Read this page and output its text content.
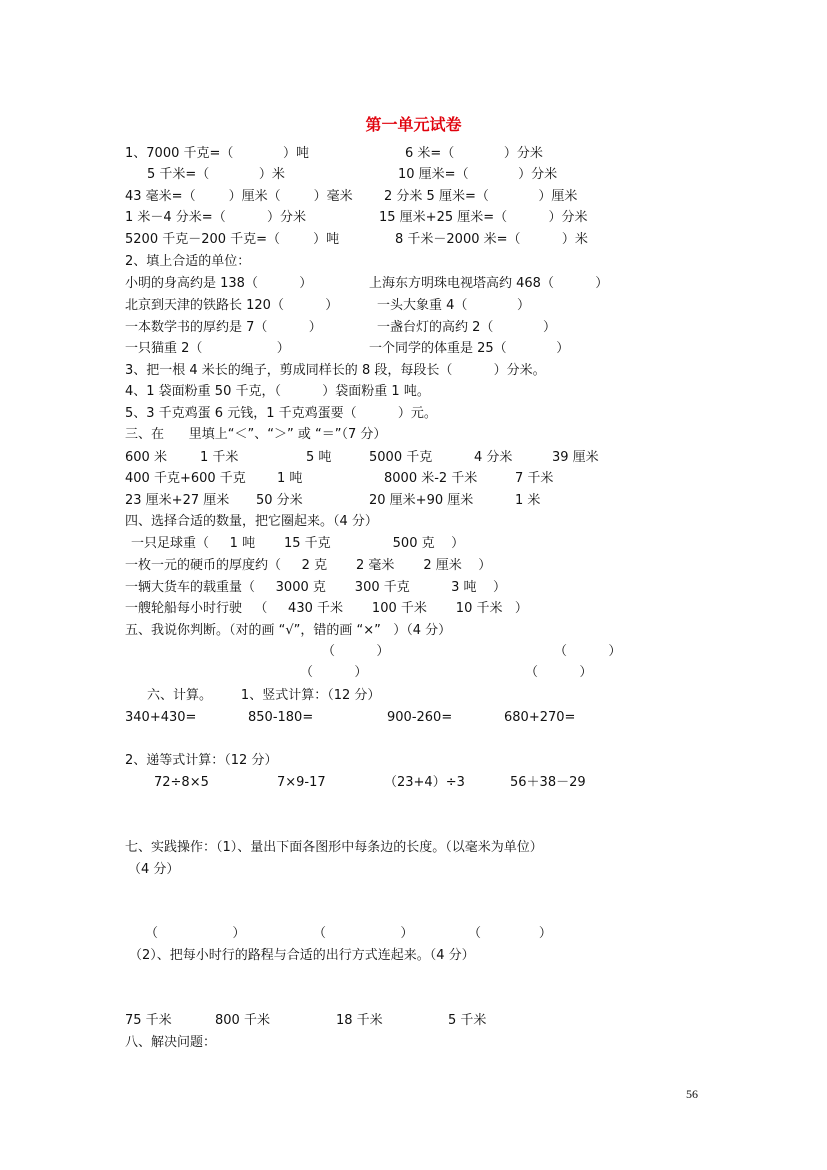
第一单元试卷
1、7000 千克=（            ）吨	6 米=（            ）分米
5 千米=（            ）米	10 厘米=（            ）分米
43 毫米=（        ）厘米（        ）毫米 2 分米 5 厘米=（            ）厘米
1 米－4 分米=（          ）分米	15 厘米+25 厘米=（          ）分米
5200 千克－200 千克=（        ）吨	8 千米－2000 米=（          ）米
2、填上合适的单位：
小明的身高约是 138（          ）	上海东方明珠电视塔高约 468（          ）
北京到天津的铁路长 120（          ）	一头大象重 4（            ）
一本数学书的厚约是 7（          ）	一盏台灯的高约 2（            ）
一只猫重 2（                  ）	一个同学的体重是 25（            ）
3、把一根 4 米长的绳子，剪成同样长的 8 段，每段长（          ）分米。
4、1 袋面粉重 50 千克，（          ）袋面粉重 1 吨。
5、3 千克鸡蛋 6 元钱，1 千克鸡蛋要（          ）元。
三、在      里填上“＜”、“＞” 或 “＝”（7 分）
600 米	1 千米	5 吨	5000 千克	4 分米	39 厘米
400 千克+600 千克 1 吨	8000 米-2 千米	7 千米
23 厘米+27 厘米 50 分米	20 厘米+90 厘米	1 米
四、选择合适的数量，把它圈起来。（4 分）
一只足球重（     1 吨       15 千克               500 克    ）
一枚一元的硬币的厚度约（     2 克       2 毫米       2 厘米    ）
一辆大货车的载重量（     3000 克       300 千克          3 吨    ）
一艘轮船每小时行驶   （     430 千米       100 千米       10 千米   ）
五、我说你判断。（对的画 “√”，错的画 “×”   ）（4 分）
（          ）	（          ）
（          ）	（          ）
六、计算。       1、竖式计算：（12 分）
340+430=	850-180=	900-260=	680+270=
2、递等式计算：（12 分）
72÷8×5	7×9-17	（23+4）÷3	56＋38－29
七、实践操作：（1）、量出下面各图形中每条边的长度。（以毫米为单位）
（4 分）
（                  ）	（                  ）	（              ）
（2）、把每小时行的路程与合适的出行方式连起来。（4 分）
75 千米	800 千米	18 千米	5 千米
八、解决问题：
56
